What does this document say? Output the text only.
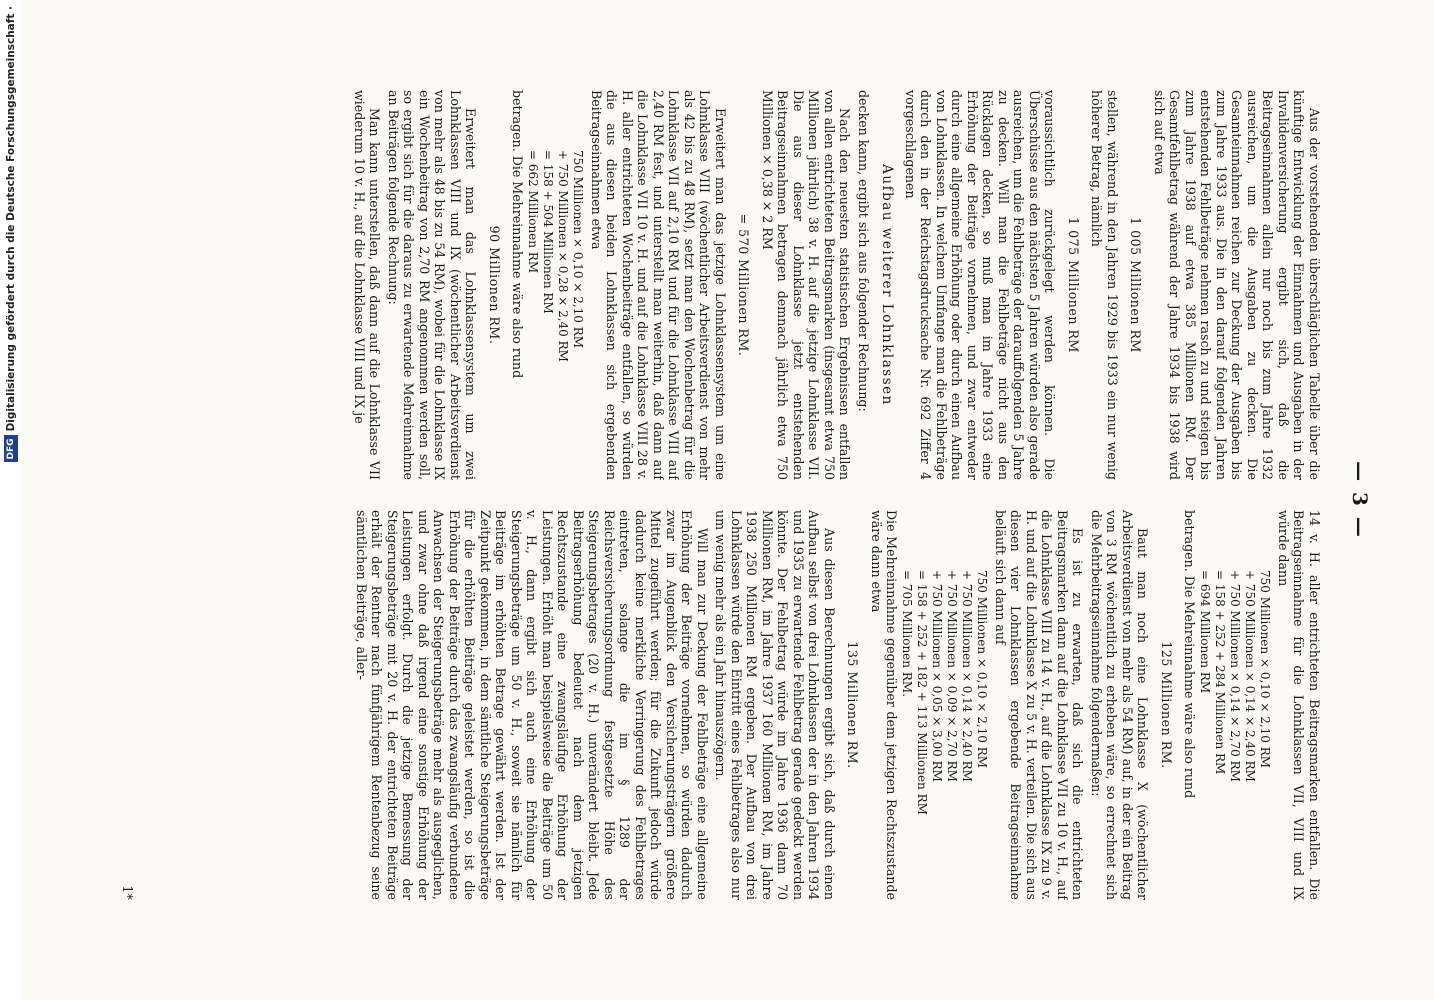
— 3 —

Aus der vorstehenden überschläglichen Tabelle über die künftige Entwicklung der Einnahmen und Ausgaben in der Invalidenversicherung ergibt sich, daß die Beitragseinnahmen allein nur noch bis zum Jahre 1932 ausreichen, um die Ausgaben zu decken. Die Gesamteinnahmen reichen zur Deckung der Ausgaben bis zum Jahre 1933 aus. Die in den darauf folgenden Jahren entstehenden Fehlbeträge nehmen rasch zu und steigen bis zum Jahre 1938 auf etwa 385 Millionen RM. Der Gesamtfehlbetrag während der Jahre 1934 bis 1938 wird sich auf etwa

1 005 Millionen RM

stellen, während in den Jahren 1929 bis 1933 ein nur wenig höherer Betrag, nämlich

1 075 Millionen RM

voraussichtlich zurückgelegt werden können. Die Überschüsse aus den nächsten 5 Jahren würden also gerade ausreichen, um die Fehlbeträge der darauffolgenden 5 Jahre zu decken. Will man die Fehlbeträge nicht aus den Rücklagen decken, so muß man im Jahre 1933 eine Erhöhung der Beiträge vornehmen, und zwar entweder durch eine allgemeine Erhöhung oder durch einen Aufbau von Lohnklassen. In welchem Umfange man die Fehlbeträge durch den in der Reichstagsdrucksache Nr. 692 Ziffer 4 vorgeschlagenen

Aufbau weiterer Lohnklassen

decken kann, ergibt sich aus folgender Rechnung:

Nach den neuesten statistischen Ergebnissen entfallen von allen entrichteten Beitragsmarken (insgesamt etwa 750 Millionen jährlich) 38 v. H. auf die jetzige Lohnklasse VII. Die aus dieser Lohnklasse jetzt entstehenden Beitragseinnahmen betragen demnach jährlich etwa 750 Millionen × 0,38 × 2 RM

= 570 Millionen RM.

Erweitert man das jetzige Lohnklassensystem um eine Lohnklasse VIII (wöchentlicher Arbeitsverdienst von mehr als 42 bis zu 48 RM), setzt man den Wochenbetrag für die Lohnklasse VII auf 2,10 RM und für die Lohnklasse VIII auf 2,40 RM fest, und unterstellt man weiterhin, daß dann auf die Lohnklasse VII 10 v. H. und auf die Lohnklasse VIII 28 v. H. aller entrichteten Wochenbeiträge entfallen, so würden die aus diesen beiden Lohnklassen sich ergebenden Beitragseinnahmen etwa

750 Millionen × 0,10 × 2,10 RM

+ 750 Millionen × 0,28 × 2,40 RM

= 158 + 504 Millionen RM

= 662 Millionen RM

betragen. Die Mehreinnahme wäre also rund

90 Millionen RM.

Erweitert man das Lohnklassensystem um zwei Lohnklassen VIII und IX (wöchentlicher Arbeitsverdienst von mehr als 48 bis zu 54 RM), wobei für die Lohnklasse IX ein Wochenbeitrag von 2,70 RM angenommen werden soll, so ergibt sich für die daraus zu erwartende Mehreinnahme an Beiträgen folgende Rechnung:

Man kann unterstellen, daß dann auf die Lohnklasse VII wiederum 10 v. H., auf die Lohnklasse VIII und IX je

14 v. H. aller entrichteten Beitragsmarken entfallen. Die Beitragseinnahme für die Lohnklassen VII, VIII und IX würde dann

750 Millionen × 0,10 × 2,10 RM

+ 750 Millionen × 0,14 × 2,40 RM

+ 750 Millionen × 0,14 × 2,70 RM

= 158 + 252 + 284 Millionen RM

= 694 Millionen RM

betragen. Die Mehreinnahme wäre also rund

125 Millionen RM.

Baut man noch eine Lohnklasse X (wöchentlicher Arbeitsverdienst von mehr als 54 RM) auf, in der ein Beitrag von 3 RM wöchentlich zu erheben wäre, so errechnet sich die Mehrbeitragseinnahme folgendermaßen:

Es ist zu erwarten, daß sich die entrichteten Beitragsmarken dann auf die Lohnklasse VII zu 10 v. H., auf die Lohnklasse VIII zu 14 v. H., auf die Lohnklasse IX zu 9 v. H. und auf die Lohnklasse X zu 5 v. H. verteilen. Die sich aus diesen vier Lohnklassen ergebende Beitragseinnahme beläuft sich dann auf

750 Millionen × 0,10 × 2,10 RM

+ 750 Millionen × 0,14 × 2,40 RM

+ 750 Millionen × 0,09 × 2,70 RM

+ 750 Millionen × 0,05 × 3,00 RM

= 158 + 252 + 182 + 113 Millionen RM

= 705 Millionen RM.

Die Mehreinnahme gegenüber dem jetzigen Rechtszustande wäre dann etwa

135 Millionen RM.

Aus diesen Berechnungen ergibt sich, daß durch einen Aufbau selbst von drei Lohnklassen der in den Jahren 1934 und 1935 zu erwartende Fehlbetrag gerade gedeckt werden könnte. Der Fehlbetrag würde im Jahre 1936 dann 70 Millionen RM, im Jahre 1937 160 Millionen RM, im Jahre 1938 250 Millionen RM ergeben. Der Aufbau von drei Lohnklassen würde den Eintritt eines Fehlbetrages also nur um wenig mehr als ein Jahr hinauszögern.

Will man zur Deckung der Fehlbeträge eine allgemeine Erhöhung der Beiträge vornehmen, so würden dadurch zwar im Augenblick den Versicherungsträgern größere Mittel zugeführt werden; für die Zukunft jedoch würde dadurch keine merkliche Verringerung des Fehlbetrages eintreten, solange die im § 1289 der Reichsversicherungsordnung festgesetzte Höhe des Steigerungsbetrages (20 v. H.) unverändert bleibt. Jede Beitragserhöhung bedeutet nach dem jetzigen Rechtszustande eine zwangsläufige Erhöhung der Leistungen. Erhöht man beispielsweise die Beiträge um 50 v. H., dann ergibt sich auch eine Erhöhung der Steigerungsbeträge um 50 v. H., soweit sie nämlich für Beiträge im erhöhten Betrage gewährt werden. Ist der Zeitpunkt gekommen, in dem sämtliche Steigerungsbeträge für die erhöhten Beiträge geleistet werden, so ist die Erhöhung der Beiträge durch das zwangsläufig verbundene Anwachsen der Steigerungsbeträge mehr als ausgeglichen, und zwar ohne daß irgend eine sonstige Erhöhung der Leistungen erfolgt. Durch die jetzige Bemessung der Steigerungsbeträge mit 20 v. H. der entrichteten Beiträge erhält der Rentner nach fünfjährigem Rentenbezug seine sämtlichen Beiträge, aller-

1*
DFGDigitalisierung gefördert durch die Deutsche Forschungsgemeinschaft ·
